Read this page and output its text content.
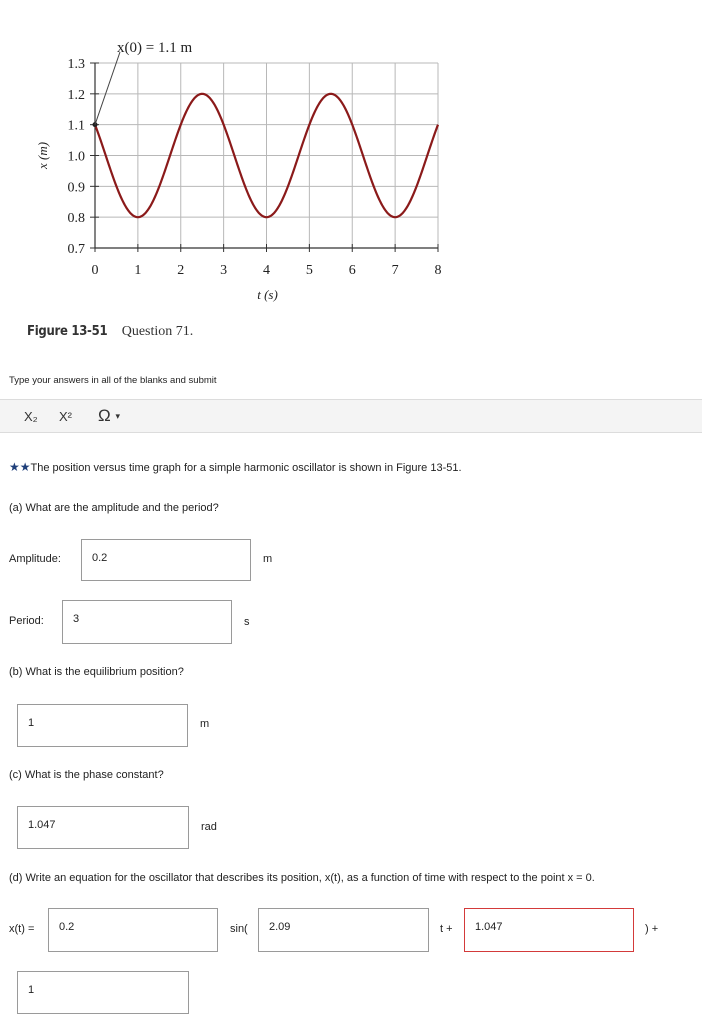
0	1	2	3	4	5	6	7	8
0.7
0.8
0.9
1.0
1.1
1.2
1.3
x(0) = 1.1 m
t (s)
x (m)
Figure 13-51 Question 71.
Type your answers in all of the blanks and submit
X₂ X² Ω ▾
★★The position versus time graph for a simple harmonic oscillator is shown in Figure 13-51.
(a) What are the amplitude and the period?
Amplitude:	0.2	m
Period:	3	s
(b) What is the equilibrium position?
1	m
(c) What is the phase constant?
1.047	rad
(d) Write an equation for the oscillator that describes its position, x(t), as a function of time with respect to the point x = 0.
x(t) =	0.2	sin(	2.09	t +	1.047	) +
1
